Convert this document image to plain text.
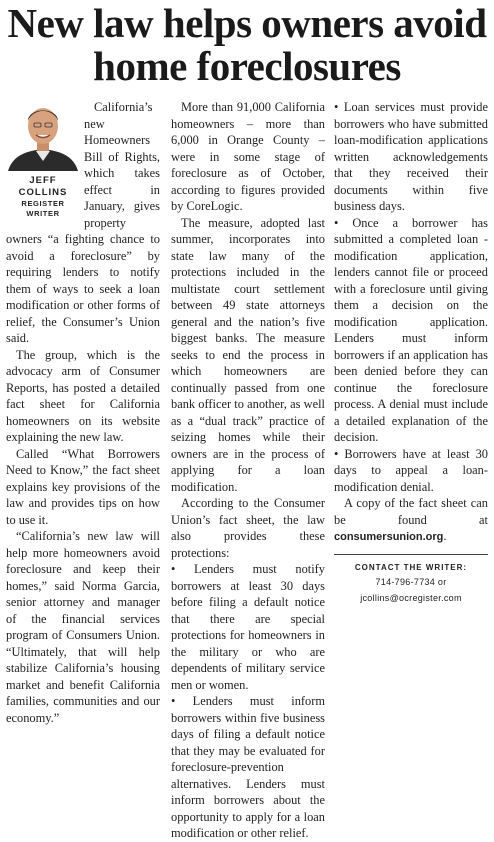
New law helps owners avoid home foreclosures
JEFF
COLLINS
REGISTER WRITER

California’s new Homeowners Bill of Rights, which takes effect in January, gives property owners “a fighting chance to avoid a foreclosure” by requiring lenders to notify them of ways to seek a loan modification or other forms of relief, the Consumer’s Union said.

The group, which is the advocacy arm of Consumer Reports, has posted a detailed fact sheet for California homeowners on its website explaining the new law.

Called “What Borrowers Need to Know,” the fact sheet explains key provisions of the law and provides tips on how to use it.

“California’s new law will help more homeowners avoid foreclosure and keep their homes,” said Norma Garcia, senior attorney and manager of the financial services program of Consumers Union. “Ultimately, that will help stabilize California’s housing market and benefit California families, communities and our economy.”

More than 91,000 California homeowners – more than 6,000 in Orange County – were in some stage of foreclosure as of October, according to figures provided by CoreLogic.

The measure, adopted last summer, incorporates into state law many of the protections included in the multistate court settlement between 49 state attorneys general and the nation’s five biggest banks. The measure seeks to end the process in which homeowners are continually passed from one bank officer to another, as well as a “dual track” practice of seizing homes while their owners are in the process of applying for a loan modification.

According to the Consumer Union’s fact sheet, the law also provides these protections:

• Lenders must notify borrowers at least 30 days before filing a default notice that there are special protections for homeowners in the military or who are dependents of military service men or women.

• Lenders must inform borrowers within five business days of filing a default notice that they may be evaluated for foreclosure-prevention alternatives. Lenders must inform borrowers about the opportunity to apply for a loan modification or other relief.

• Loan services must provide borrowers who have submitted loan-modification applications written acknowledgements that they received their documents within five business days.

• Once a borrower has submitted a completed loan -modification application, lenders cannot file or proceed with a foreclosure until giving them a decision on the modification application. Lenders must inform borrowers if an application has been denied before they can continue the foreclosure process. A denial must include a detailed explanation of the decision.

• Borrowers have at least 30 days to appeal a loan-modification denial.

A copy of the fact sheet can be found at consumersunion.org.

CONTACT THE WRITER:
714-796-7734 or
jcollins@ocregister.com
